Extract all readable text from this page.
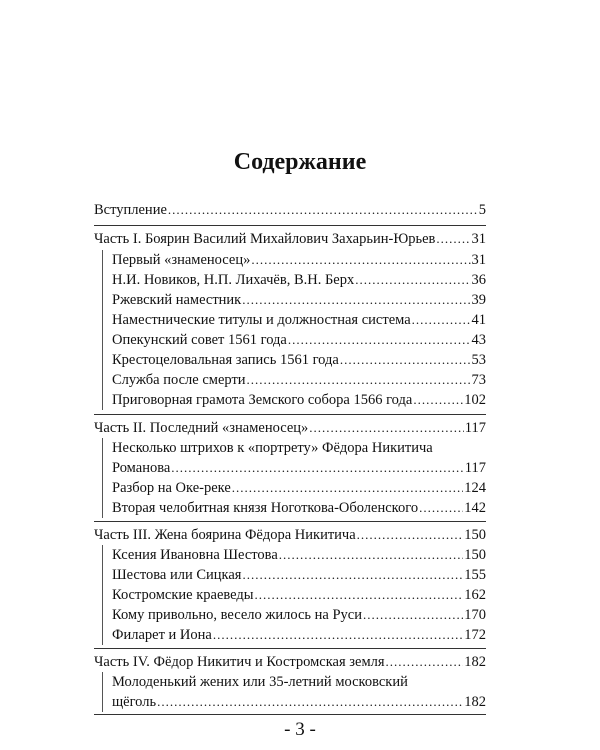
Содержание
Вступление .....	5
Часть I. Боярин Василий Михайлович Захарьин-Юрьев ..... 31
Первый «знаменосец» .....	31
Н.И. Новиков, Н.П. Лихачёв, В.Н. Берх .....	36
Ржевский наместник .....	39
Наместнические титулы и должностная система .....	41
Опекунский совет 1561 года .....	43
Крестоцеловальная запись 1561 года .....	53
Служба после смерти .....	73
Приговорная грамота Земского собора 1566 года .....	102
Часть II. Последний «знаменосец» .....	117
Несколько штрихов к «портрету» Фёдора Никитича
Романова .....	117
Разбор на Оке-реке .....	124
Вторая челобитная князя Ноготкова-Оболенского .....	142
Часть III. Жена боярина Фёдора Никитича .....	150
Ксения Ивановна Шестова .....	150
Шестова или Сицкая .....	155
Костромские краеведы .....	162
Кому привольно, весело жилось на Руси .....	170
Филарет и Иона .....	172
Часть IV. Фёдор Никитич и Костромская земля .....	182
Молоденький жених или 35-летний московский
щёголь .....	182
- 3 -
